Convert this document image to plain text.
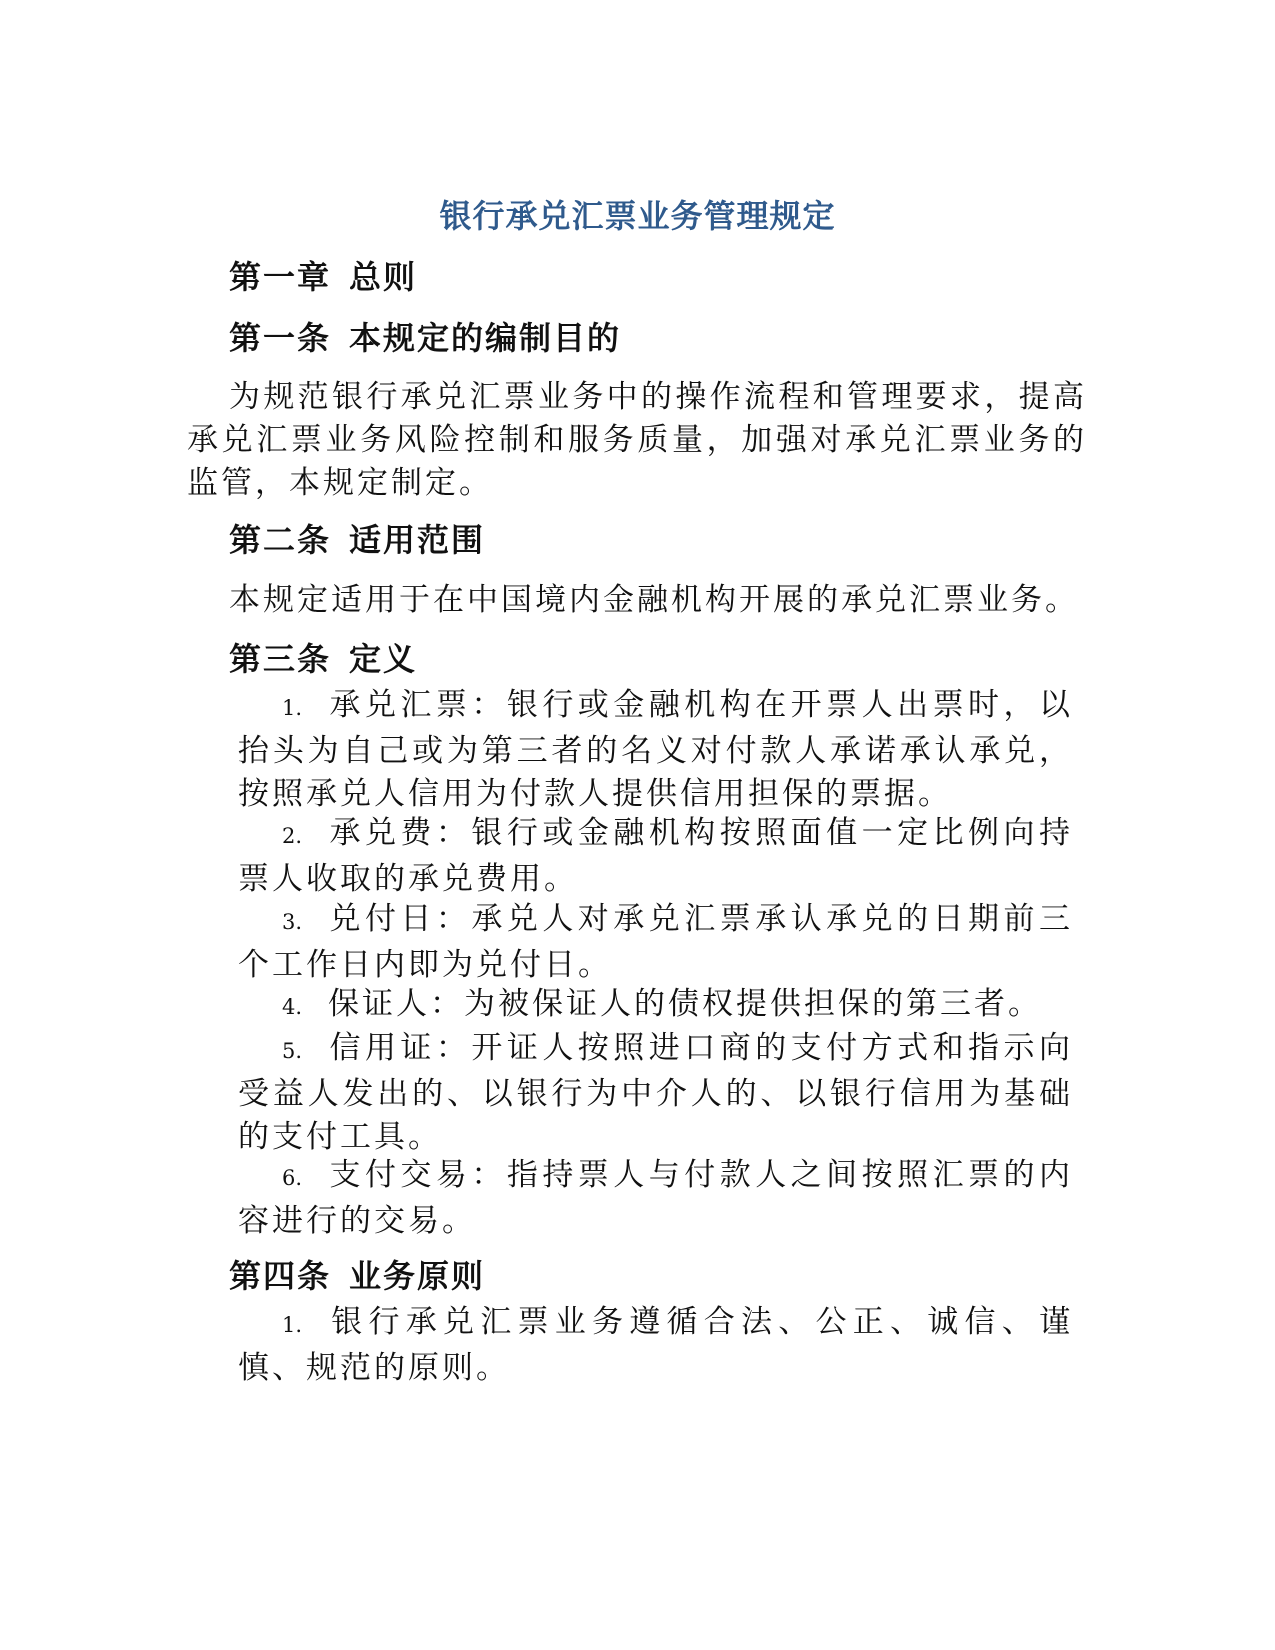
银行承兑汇票业务管理规定
第一章 总则
第一条 本规定的编制目的
为规范银行承兑汇票业务中的操作流程和管理要求，提高承兑汇票业务风险控制和服务质量，加强对承兑汇票业务的监管，本规定制定。
第二条 适用范围
本规定适用于在中国境内金融机构开展的承兑汇票业务。
第三条 定义
1. 承兑汇票：银行或金融机构在开票人出票时，以抬头为自己或为第三者的名义对付款人承诺承认承兑，按照承兑人信用为付款人提供信用担保的票据。
2. 承兑费：银行或金融机构按照面值一定比例向持票人收取的承兑费用。
3. 兑付日：承兑人对承兑汇票承认承兑的日期前三个工作日内即为兑付日。
4. 保证人：为被保证人的债权提供担保的第三者。
5. 信用证：开证人按照进口商的支付方式和指示向受益人发出的、以银行为中介人的、以银行信用为基础的支付工具。
6. 支付交易：指持票人与付款人之间按照汇票的内容进行的交易。
第四条 业务原则
1. 银行承兑汇票业务遵循合法、公正、诚信、谨慎、规范的原则。
